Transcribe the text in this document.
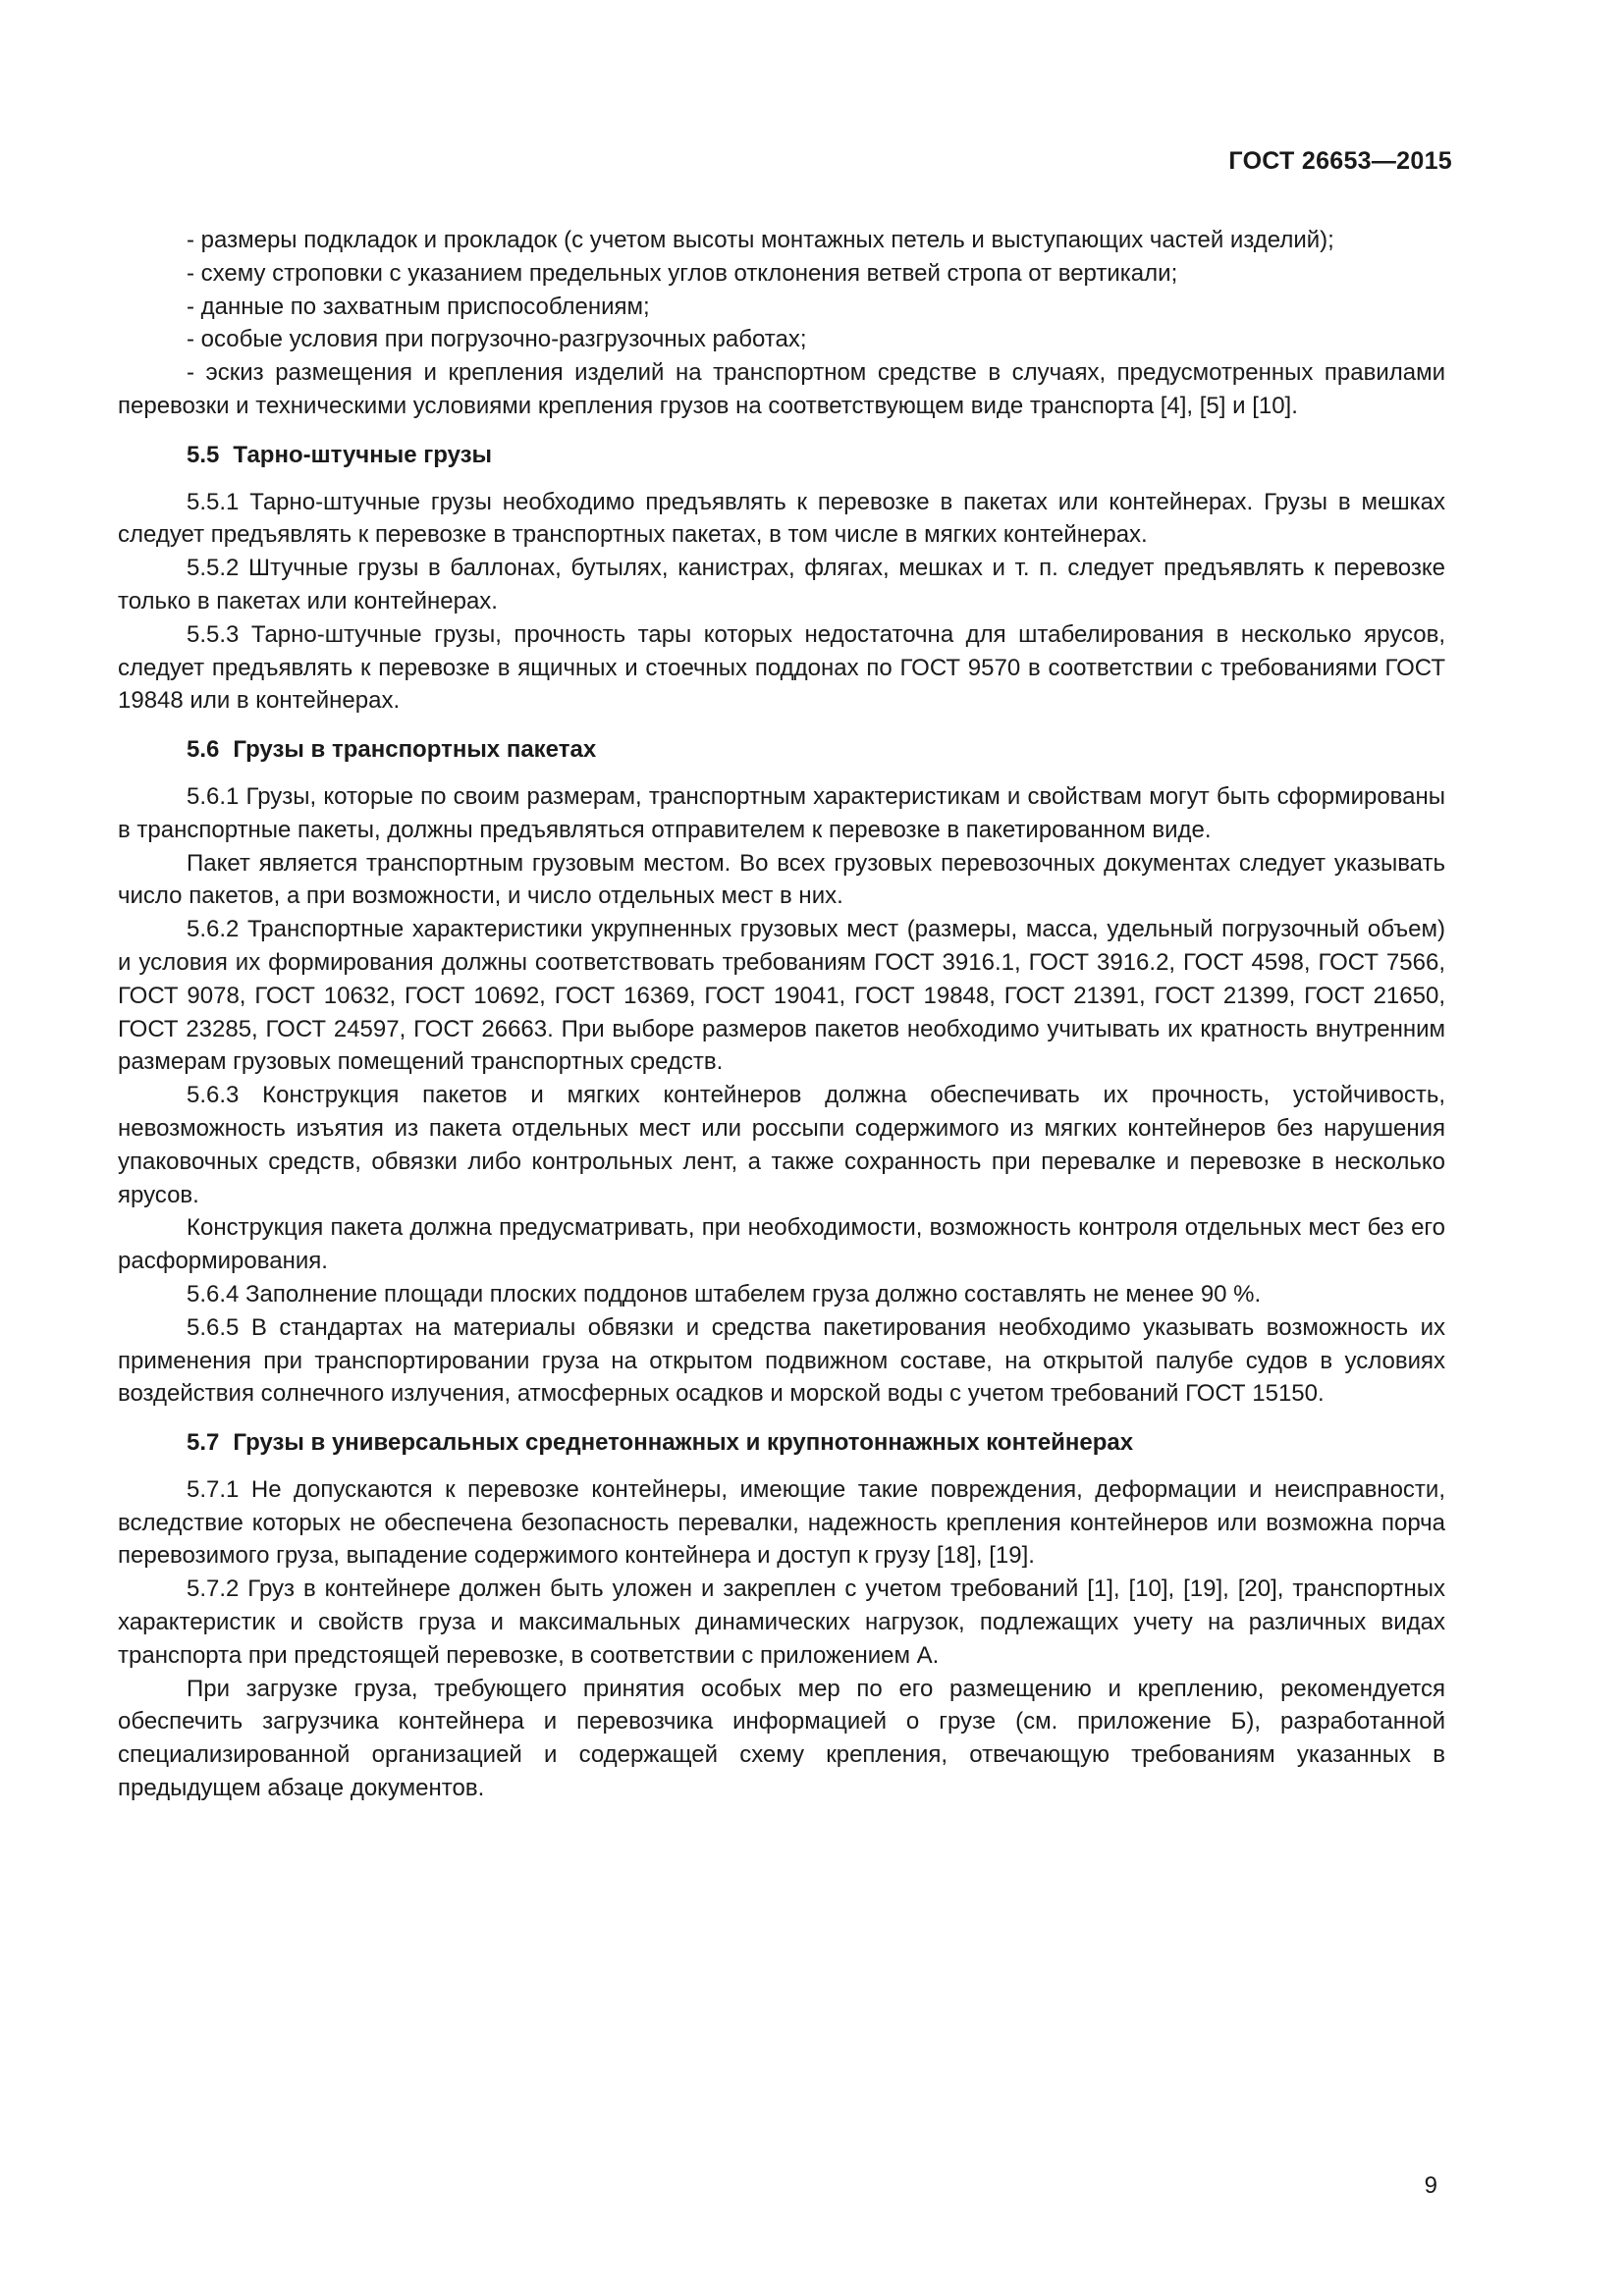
ГОСТ 26653—2015

- размеры подкладок и прокладок (с учетом высоты монтажных петель и выступающих частей изделий);

- схему строповки с указанием предельных углов отклонения ветвей стропа от вертикали;

- данные по захватным приспособлениям;

- особые условия при погрузочно-разгрузочных работах;

- эскиз размещения и крепления изделий на транспортном средстве в случаях, предусмотренных правилами перевозки и техническими условиями крепления грузов на соответствующем виде транспорта [4], [5] и [10].

5.5 Тарно-штучные грузы

5.5.1 Тарно-штучные грузы необходимо предъявлять к перевозке в пакетах или контейнерах. Грузы в мешках следует предъявлять к перевозке в транспортных пакетах, в том числе в мягких контейнерах.

5.5.2 Штучные грузы в баллонах, бутылях, канистрах, флягах, мешках и т. п. следует предъявлять к перевозке только в пакетах или контейнерах.

5.5.3 Тарно-штучные грузы, прочность тары которых недостаточна для штабелирования в несколько ярусов, следует предъявлять к перевозке в ящичных и стоечных поддонах по ГОСТ 9570 в соответствии с требованиями ГОСТ 19848 или в контейнерах.

5.6 Грузы в транспортных пакетах

5.6.1 Грузы, которые по своим размерам, транспортным характеристикам и свойствам могут быть сформированы в транспортные пакеты, должны предъявляться отправителем к перевозке в пакетированном виде.

Пакет является транспортным грузовым местом. Во всех грузовых перевозочных документах следует указывать число пакетов, а при возможности, и число отдельных мест в них.

5.6.2 Транспортные характеристики укрупненных грузовых мест (размеры, масса, удельный погрузочный объем) и условия их формирования должны соответствовать требованиям ГОСТ 3916.1, ГОСТ 3916.2, ГОСТ 4598, ГОСТ 7566, ГОСТ 9078, ГОСТ 10632, ГОСТ 10692, ГОСТ 16369, ГОСТ 19041, ГОСТ 19848, ГОСТ 21391, ГОСТ 21399, ГОСТ 21650, ГОСТ 23285, ГОСТ 24597, ГОСТ 26663. При выборе размеров пакетов необходимо учитывать их кратность внутренним размерам грузовых помещений транспортных средств.

5.6.3 Конструкция пакетов и мягких контейнеров должна обеспечивать их прочность, устойчивость, невозможность изъятия из пакета отдельных мест или россыпи содержимого из мягких контейнеров без нарушения упаковочных средств, обвязки либо контрольных лент, а также сохранность при перевалке и перевозке в несколько ярусов.

Конструкция пакета должна предусматривать, при необходимости, возможность контроля отдельных мест без его расформирования.

5.6.4 Заполнение площади плоских поддонов штабелем груза должно составлять не менее 90 %.

5.6.5 В стандартах на материалы обвязки и средства пакетирования необходимо указывать возможность их применения при транспортировании груза на открытом подвижном составе, на открытой палубе судов в условиях воздействия солнечного излучения, атмосферных осадков и морской воды с учетом требований ГОСТ 15150.

5.7 Грузы в универсальных среднетоннажных и крупнотоннажных контейнерах

5.7.1 Не допускаются к перевозке контейнеры, имеющие такие повреждения, деформации и неисправности, вследствие которых не обеспечена безопасность перевалки, надежность крепления контейнеров или возможна порча перевозимого груза, выпадение содержимого контейнера и доступ к грузу [18], [19].

5.7.2 Груз в контейнере должен быть уложен и закреплен с учетом требований [1], [10], [19], [20], транспортных характеристик и свойств груза и максимальных динамических нагрузок, подлежащих учету на различных видах транспорта при предстоящей перевозке, в соответствии с приложением А.

При загрузке груза, требующего принятия особых мер по его размещению и креплению, рекомендуется обеспечить загрузчика контейнера и перевозчика информацией о грузе (см. приложение Б), разработанной специализированной организацией и содержащей схему крепления, отвечающую требованиям указанных в предыдущем абзаце документов.

9
